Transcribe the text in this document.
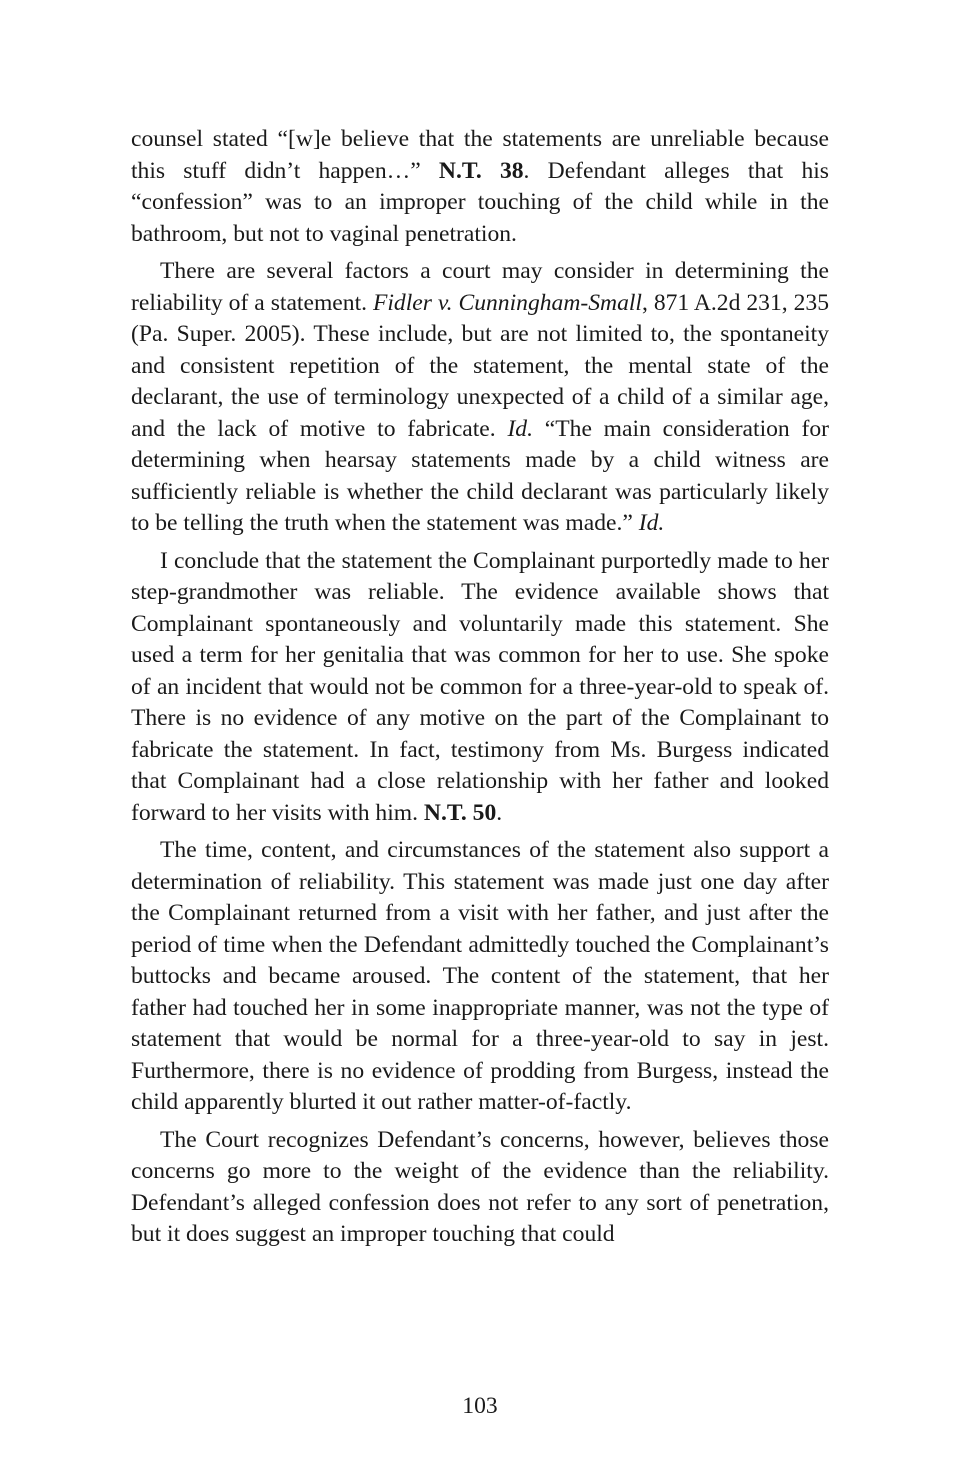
counsel stated “[w]e believe that the statements are unreliable because this stuff didn’t happen…” N.T. 38. Defendant alleges that his “confession” was to an improper touching of the child while in the bathroom, but not to vaginal penetration.

There are several factors a court may consider in determining the reliability of a statement. Fidler v. Cunningham-Small, 871 A.2d 231, 235 (Pa. Super. 2005). These include, but are not limited to, the spontaneity and consistent repetition of the statement, the mental state of the declarant, the use of terminology unexpected of a child of a similar age, and the lack of motive to fabricate. Id. “The main consideration for determining when hearsay statements made by a child witness are sufficiently reliable is whether the child declarant was particularly likely to be telling the truth when the statement was made.” Id.

I conclude that the statement the Complainant purportedly made to her step-grandmother was reliable. The evidence available shows that Complainant spontaneously and voluntarily made this statement. She used a term for her genitalia that was common for her to use. She spoke of an incident that would not be common for a three-year-old to speak of. There is no evidence of any motive on the part of the Complainant to fabricate the statement. In fact, testimony from Ms. Burgess indicated that Complainant had a close relationship with her father and looked forward to her visits with him. N.T. 50.

The time, content, and circumstances of the statement also support a determination of reliability. This statement was made just one day after the Complainant returned from a visit with her father, and just after the period of time when the Defendant admittedly touched the Complainant’s buttocks and became aroused. The content of the statement, that her father had touched her in some inappropriate manner, was not the type of statement that would be normal for a three-year-old to say in jest. Furthermore, there is no evidence of prodding from Burgess, instead the child apparently blurted it out rather matter-of-factly.

The Court recognizes Defendant’s concerns, however, believes those concerns go more to the weight of the evidence than the reliability. Defendant’s alleged confession does not refer to any sort of penetration, but it does suggest an improper touching that could

103
